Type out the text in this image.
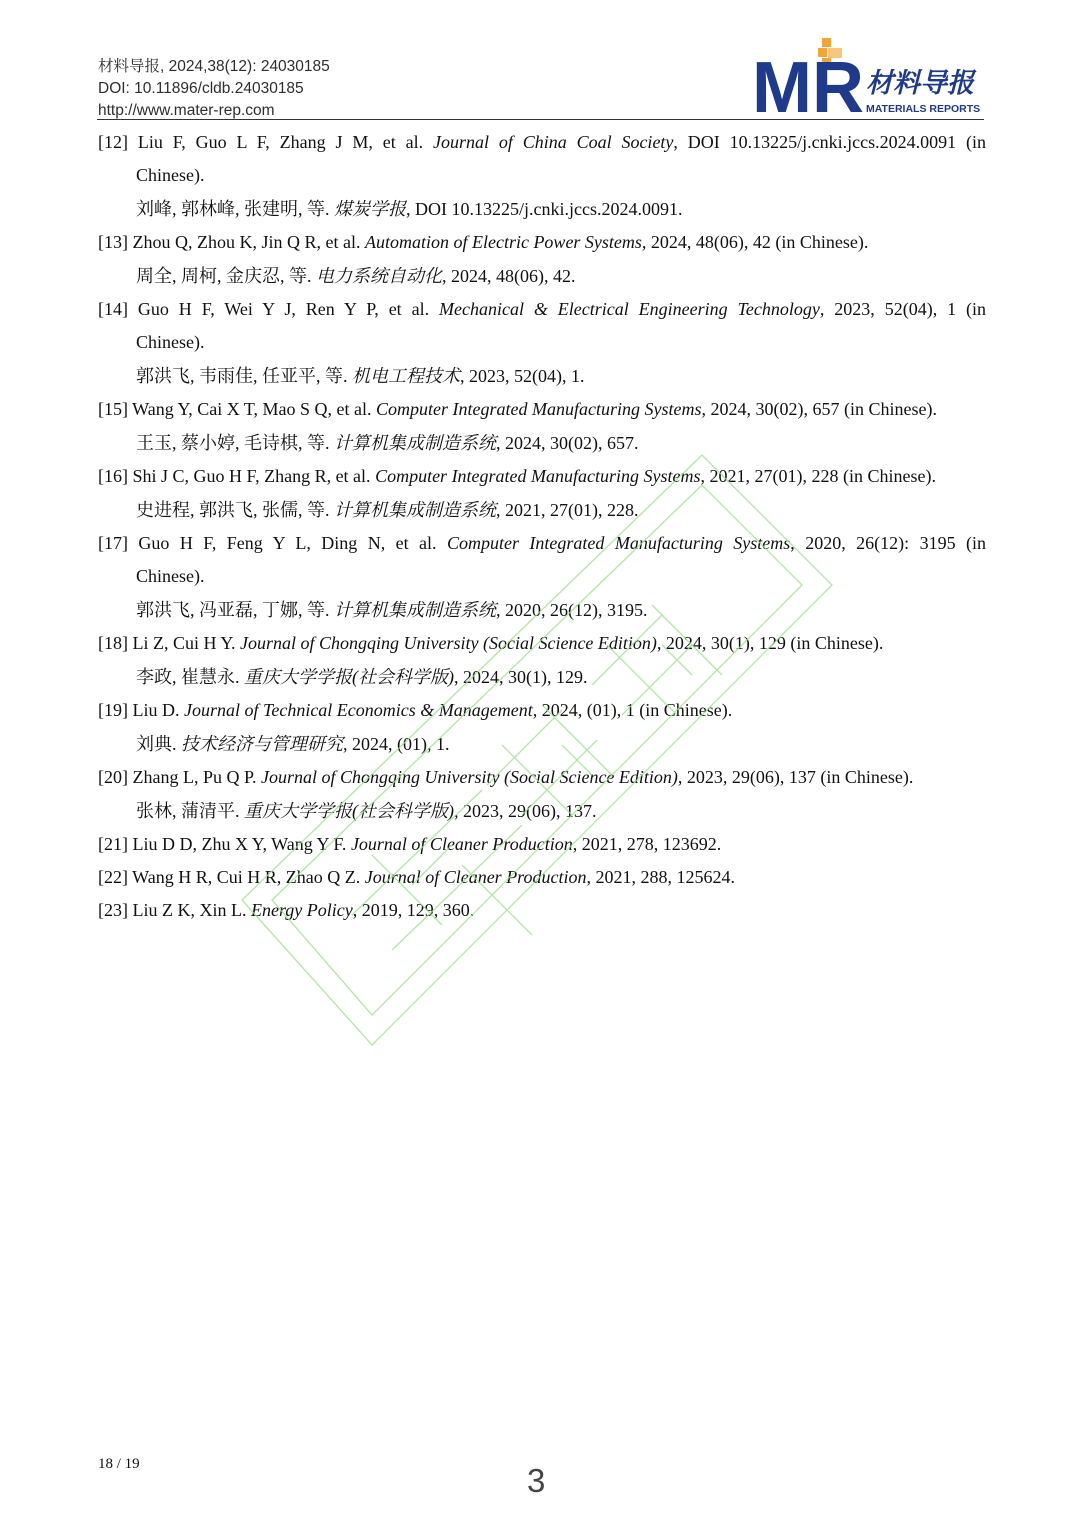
材料导报, 2024,38(12): 24030185
DOI: 10.11896/cldb.24030185
http://www.mater-rep.com	MR 材料导报
MATERIALS REPORTS
[12] Liu F, Guo L F, Zhang J M, et al. Journal of China Coal Society, DOI 10.13225/j.cnki.jccs.2024.0091 (in
Chinese).
刘峰, 郭林峰, 张建明, 等. 煤炭学报, DOI 10.13225/j.cnki.jccs.2024.0091.
[13] Zhou Q, Zhou K, Jin Q R, et al. Automation of Electric Power Systems, 2024, 48(06), 42 (in Chinese).
周全, 周柯, 金庆忍, 等. 电力系统自动化, 2024, 48(06), 42.
[14] Guo H F, Wei Y J, Ren Y P, et al. Mechanical & Electrical Engineering Technology, 2023, 52(04), 1 (in
Chinese).
郭洪飞, 韦雨佳, 任亚平, 等. 机电工程技术, 2023, 52(04), 1.
[15] Wang Y, Cai X T, Mao S Q, et al. Computer Integrated Manufacturing Systems, 2024, 30(02), 657 (in Chinese).
王玉, 蔡小婷, 毛诗棋, 等. 计算机集成制造系统, 2024, 30(02), 657.
[16] Shi J C, Guo H F, Zhang R, et al. Computer Integrated Manufacturing Systems, 2021, 27(01), 228 (in Chinese).
史进程, 郭洪飞, 张儒, 等. 计算机集成制造系统, 2021, 27(01), 228.
[17] Guo H F, Feng Y L, Ding N, et al. Computer Integrated Manufacturing Systems, 2020, 26(12): 3195 (in
Chinese).
郭洪飞, 冯亚磊, 丁娜, 等. 计算机集成制造系统, 2020, 26(12), 3195.
[18] Li Z, Cui H Y. Journal of Chongqing University (Social Science Edition), 2024, 30(1), 129 (in Chinese).
李政, 崔慧永. 重庆大学学报(社会科学版), 2024, 30(1), 129.
[19] Liu D. Journal of Technical Economics & Management, 2024, (01), 1 (in Chinese).
刘典. 技术经济与管理研究, 2024, (01), 1.
[20] Zhang L, Pu Q P. Journal of Chongqing University (Social Science Edition), 2023, 29(06), 137 (in Chinese).
张林, 蒲清平. 重庆大学学报(社会科学版), 2023, 29(06), 137.
[21] Liu D D, Zhu X Y, Wang Y F. Journal of Cleaner Production, 2021, 278, 123692.
[22] Wang H R, Cui H R, Zhao Q Z. Journal of Cleaner Production, 2021, 288, 125624.
[23] Liu Z K, Xin L. Energy Policy, 2019, 129, 360.
18 / 19	3
